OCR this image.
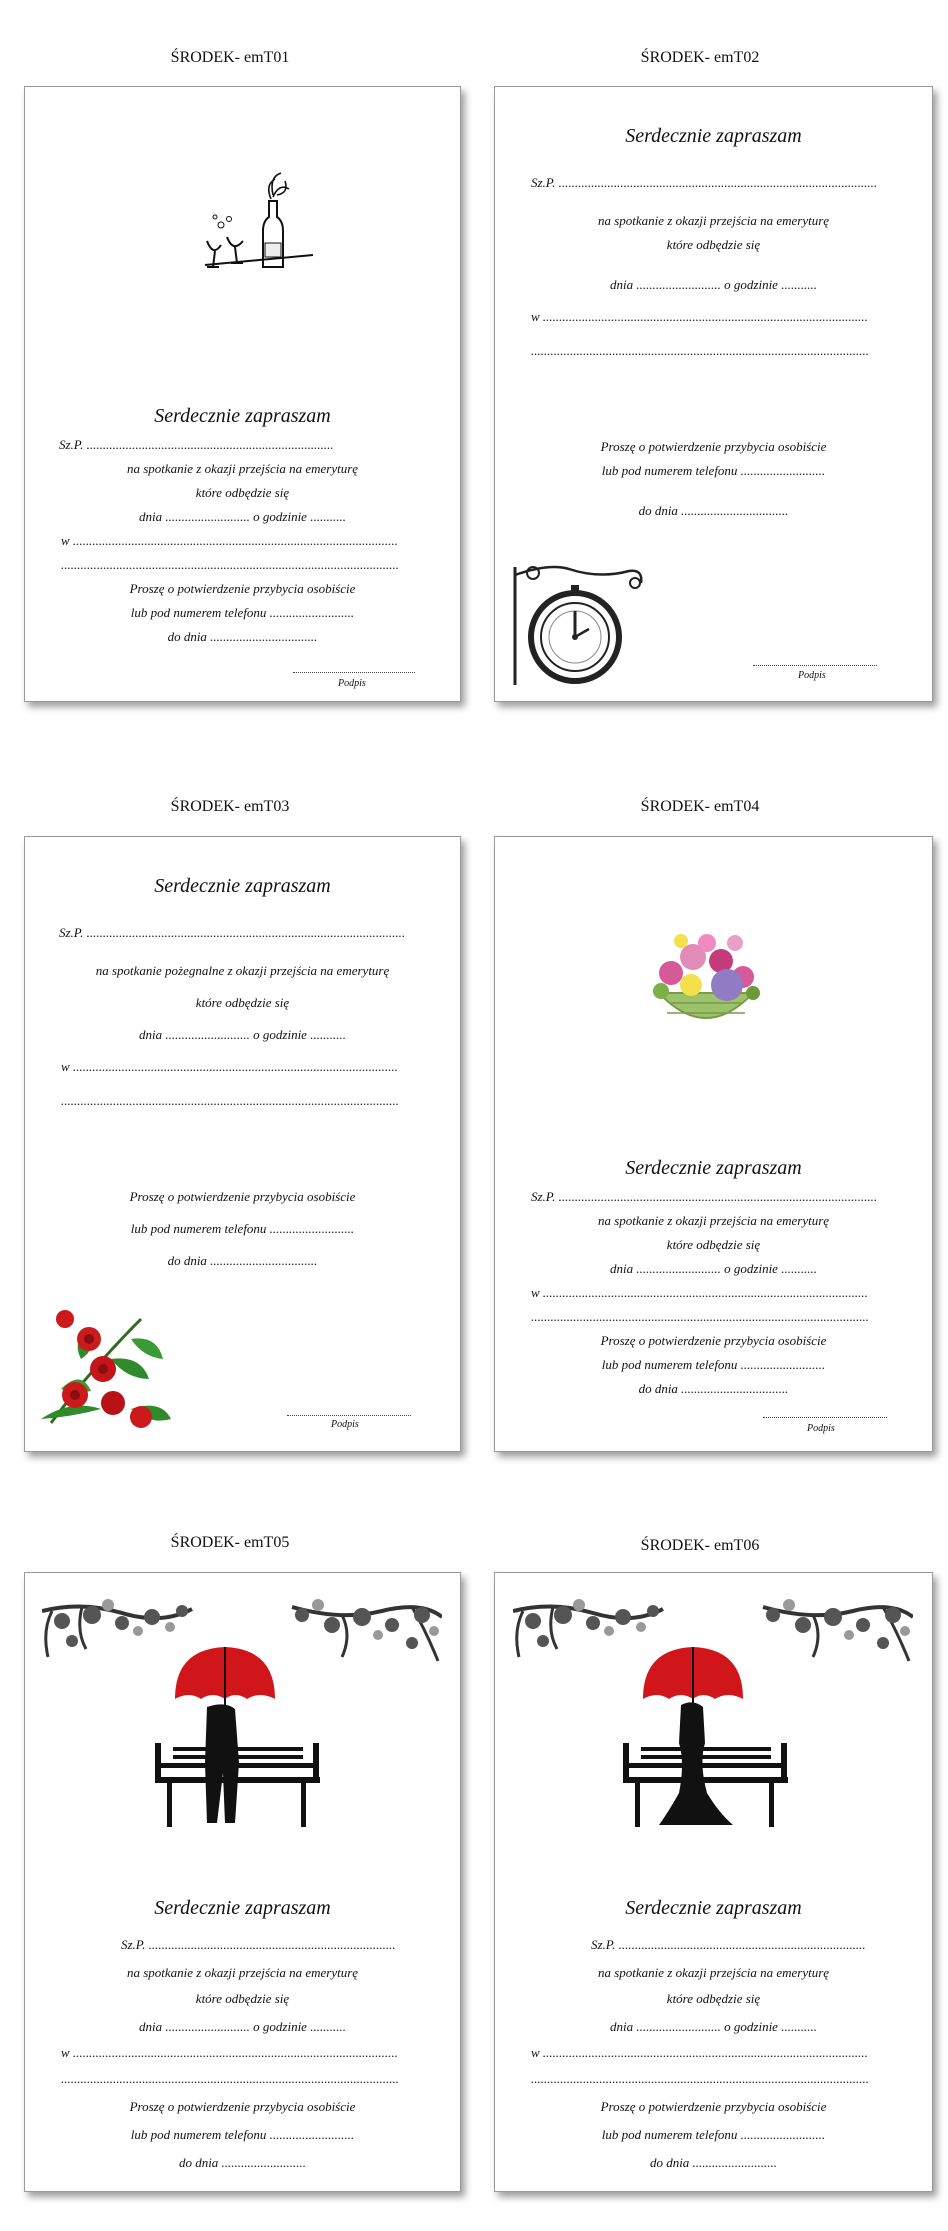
ŚRODEK- emT01	ŚRODEK- emT02
ŚRODEK- emT03	ŚRODEK- emT04
ŚRODEK- emT05	ŚRODEK- emT06
Serdecznie zapraszam
Sz.P. ............................................................................
na spotkanie z okazji przejścia na emeryturę
które odbędzie się
dnia .......................... o godzinie ...........
w ....................................................................................................
........................................................................................................
Proszę o potwierdzenie przybycia osobiście
lub pod numerem telefonu ..........................
do dnia .................................
Podpis
Serdecznie zapraszam
Sz.P. ..................................................................................................
na spotkanie z okazji przejścia na emeryturę
które odbędzie się
dnia .......................... o godzinie ...........
w ....................................................................................................
........................................................................................................
Proszę o potwierdzenie przybycia osobiście
lub pod numerem telefonu ..........................
do dnia .................................
Podpis
Serdecznie zapraszam
Sz.P. ..................................................................................................
na spotkanie pożegnalne z okazji przejścia na emeryturę
które odbędzie się
dnia .......................... o godzinie ...........
w ....................................................................................................
........................................................................................................
Proszę o potwierdzenie przybycia osobiście
lub pod numerem telefonu ..........................
do dnia .................................
Podpis
Serdecznie zapraszam
Sz.P. ..................................................................................................
na spotkanie z okazji przejścia na emeryturę
które odbędzie się
dnia .......................... o godzinie ...........
w ....................................................................................................
........................................................................................................
Proszę o potwierdzenie przybycia osobiście
lub pod numerem telefonu ..........................
do dnia .................................
Podpis
Serdecznie zapraszam
Sz.P. ............................................................................
na spotkanie z okazji przejścia na emeryturę
które odbędzie się
dnia .......................... o godzinie ...........
w ....................................................................................................
........................................................................................................
Proszę o potwierdzenie przybycia osobiście
lub pod numerem telefonu ..........................
do dnia ..........................
Serdecznie zapraszam
Sz.P. ............................................................................
na spotkanie z okazji przejścia na emeryturę
które odbędzie się
dnia .......................... o godzinie ...........
w ....................................................................................................
........................................................................................................
Proszę o potwierdzenie przybycia osobiście
lub pod numerem telefonu ..........................
do dnia ..........................
